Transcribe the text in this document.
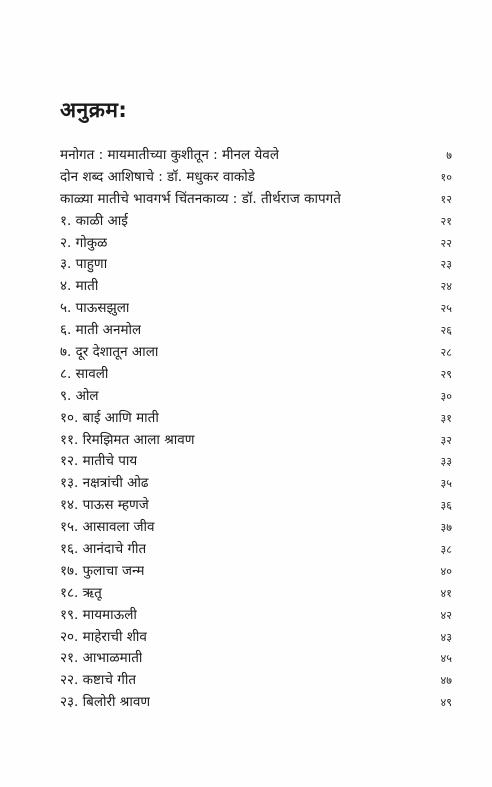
अनुक्रम:
मनोगत : मायमातीच्या कुशीतून : मीनल येवले	७
दोन शब्द आशिषाचे : डॉ. मधुकर वाकोडे	१०
काळ्या मातीचे भावगर्भ चिंतनकाव्य : डॉ. तीर्थराज कापगते	१२
१. काळी आई	२१
२. गोकुळ	२२
३. पाहुणा	२३
४. माती	२४
५. पाऊसझुला	२५
६. माती अनमोल	२६
७. दूर देशातून आला	२८
८. सावली	२९
९. ओल	३०
१०. बाई आणि माती	३१
११. रिमझिमत आला श्रावण	३२
१२. मातीचे पाय	३३
१३. नक्षत्रांची ओढ	३५
१४. पाऊस म्हणजे	३६
१५. आसावला जीव	३७
१६. आनंदाचे गीत	३८
१७. फुलाचा जन्म	४०
१८. ऋतू	४१
१९. मायमाऊली	४२
२०. माहेराची शीव	४३
२१. आभाळमाती	४५
२२. कष्टाचे गीत	४७
२३. बिलोरी श्रावण	४९
